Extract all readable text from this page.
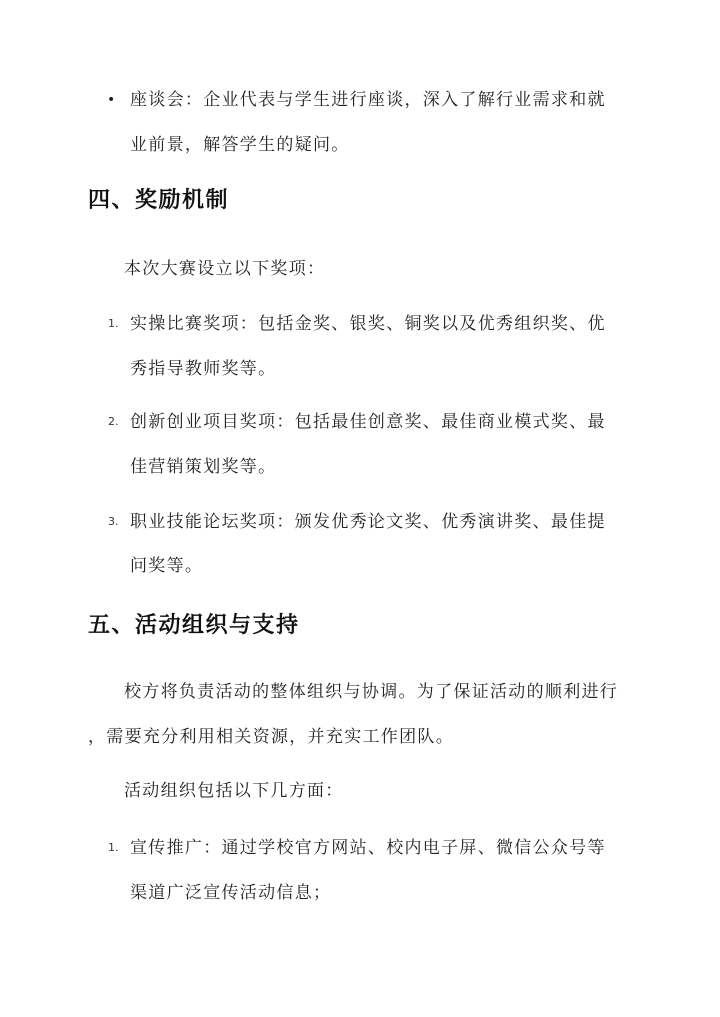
• 座谈会：企业代表与学生进行座谈，深入了解行业需求和就
业前景，解答学生的疑问。
四、奖励机制
本次大赛设立以下奖项：
1. 实操比赛奖项：包括金奖、银奖、铜奖以及优秀组织奖、优
秀指导教师奖等。
2. 创新创业项目奖项：包括最佳创意奖、最佳商业模式奖、最
佳营销策划奖等。
3. 职业技能论坛奖项：颁发优秀论文奖、优秀演讲奖、最佳提
问奖等。
五、活动组织与支持
校方将负责活动的整体组织与协调。为了保证活动的顺利进行
，需要充分利用相关资源，并充实工作团队。
活动组织包括以下几方面：
1. 宣传推广：通过学校官方网站、校内电子屏、微信公众号等
渠道广泛宣传活动信息；
